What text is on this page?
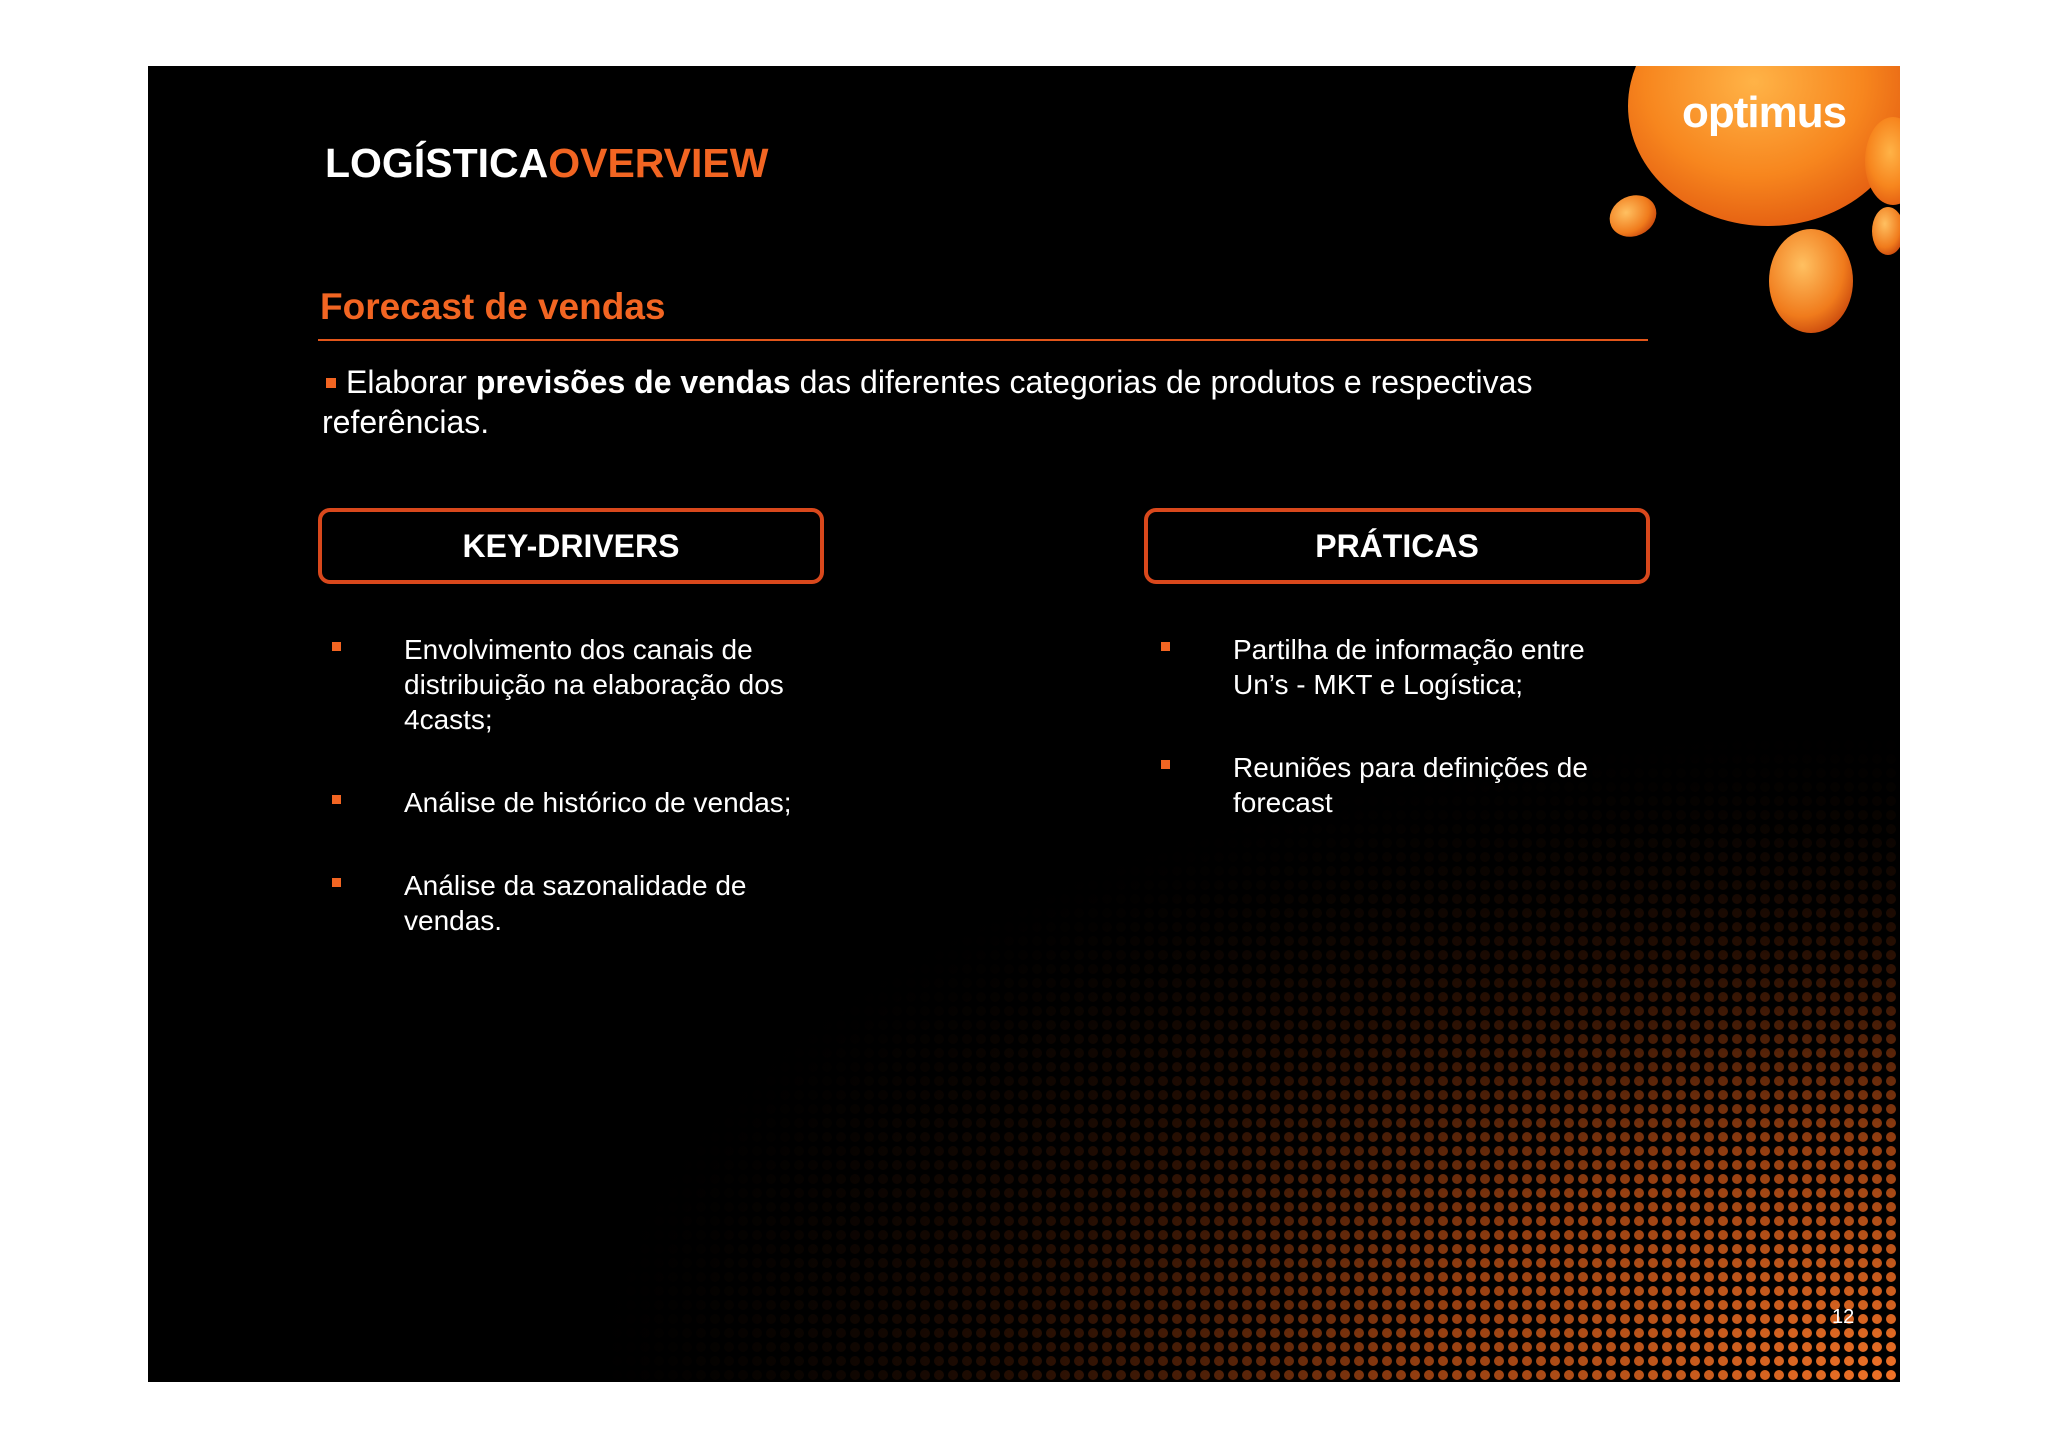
optimus
LOGÍSTICAOVERVIEW
Forecast de vendas
Elaborar previsões de vendas das diferentes categorias de produtos e respectivas referências.
KEY-DRIVERS	PRÁTICAS
Envolvimento dos canais de distribuição na elaboração dos 4casts;
Análise de histórico de vendas;
Análise da sazonalidade de vendas.
Partilha de informação entre Un’s - MKT e Logística;
Reuniões para definições de forecast
12
